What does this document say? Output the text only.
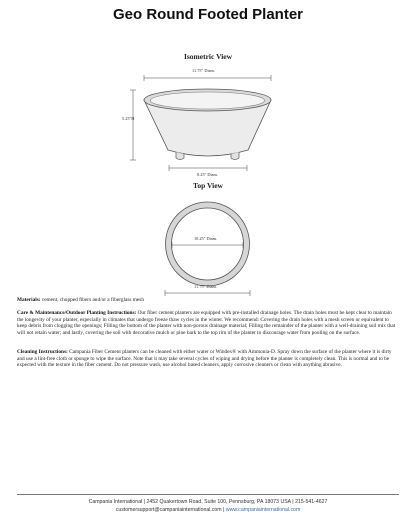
Geo Round Footed Planter
Isometric View
11.75" Diam.
5.25"H
8.25" Diam.
Top View
10.25" Diam.
11.75" Diam.

Materials: cement, chopped fibers and/or a fiberglass mesh

Care & Maintenance/Outdoor Planting Instructions: Our fiber cement planters are equipped with pre-installed drainage holes. The drain holes must be kept clear to maintain the longevity of your planter, especially in climates that undergo freeze thaw cycles in the winter. We recommend: Covering the drain holes with a mesh screen or equivalent to keep debris from clogging the openings; Filling the bottom of the planter with non-porous drainage material; Filling the remainder of the planter with a well-draining soil mix that will not retain water; and lastly, covering the soil with decorative mulch or pine bark to the top rim of the planter to discourage water from pooling on the surface.

Cleaning Instructions: Campania Fiber Cement planters can be cleaned with either water or Windex® with Ammonia-D. Spray down the surface of the planter where it is dirty and use a lint-free cloth or sponge to wipe the surface. Note that it may take several cycles of wiping and drying before the planter is completely clean. This is normal and to be expected with the texture in the fiber cement. Do not pressure wash, use alcohol based cleaners, apply corrosive cleaners or clean with anything abrasive.

Campania International | 2452 Quakertown Road, Suite 100, Pennsburg, PA 18073 USA | 215-541-4627
customersupport@campaniainternational.com | www.campaniainternational.com
